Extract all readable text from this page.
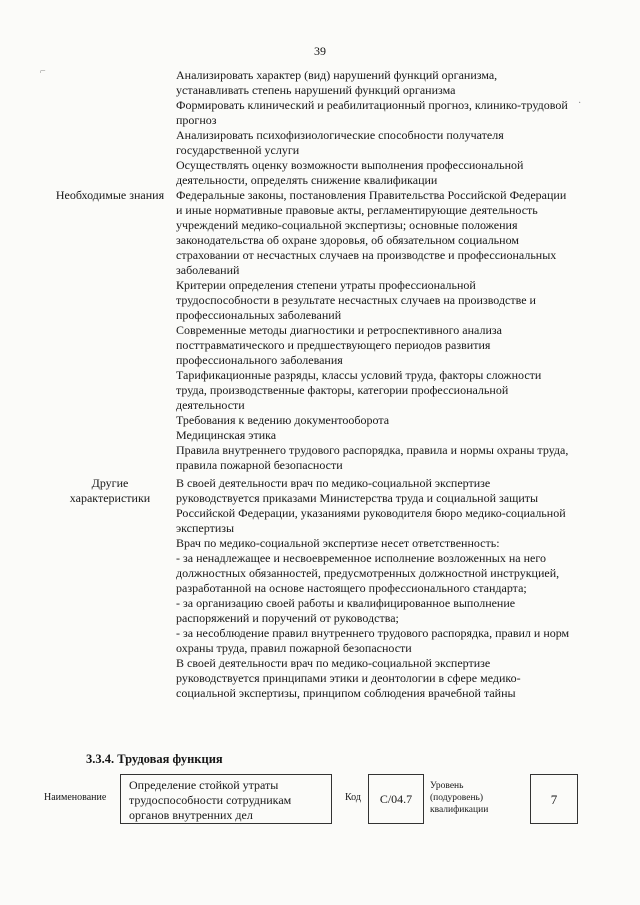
39
⌐
·

Анализировать характер (вид) нарушений функций организма, устанавливать степень нарушений функций организма

Формировать клинический и реабилитационный прогноз, клинико-трудовой прогноз

Анализировать психофизиологические способности получателя государственной услуги

Осуществлять оценку возможности выполнения профессиональной деятельности, определять снижение квалификации

Необходимые знания Федеральные законы, постановления Правительства Российской Федерации и иные нормативные правовые акты, регламентирующие деятельность учреждений медико-социальной экспертизы; основные положения законодательства об охране здоровья, об обязательном социальном страховании от несчастных случаев на производстве и профессиональных заболеваний

Критерии определения степени утраты профессиональной трудоспособности в результате несчастных случаев на производстве и профессиональных заболеваний

Современные методы диагностики и ретроспективного анализа посттравматического и предшествующего периодов развития профессионального заболевания

Тарификационные разряды, классы условий труда, факторы сложности труда, производственные факторы, категории профессиональной деятельности

Требования к ведению документооборота

Медицинская этика

Правила внутреннего трудового распорядка, правила и нормы охраны труда, правила пожарной безопасности

Другие характеристики

В своей деятельности врач по медико-социальной экспертизе руководствуется приказами Министерства труда и социальной защиты Российской Федерации, указаниями руководителя бюро медико-социальной экспертизы

Врач по медико-социальной экспертизе несет ответственность:

- за ненадлежащее и несвоевременное исполнение возложенных на него должностных обязанностей, предусмотренных должностной инструкцией, разработанной на основе настоящего профессионального стандарта;

- за организацию своей работы и квалифицированное выполнение распоряжений и поручений от руководства;

- за несоблюдение правил внутреннего трудового распорядка, правил и норм охраны труда, правил пожарной безопасности

В своей деятельности врач по медико-социальной экспертизе руководствуется принципами этики и деонтологии в сфере медико-социальной экспертизы, принципом соблюдения врачебной тайны

3.3.4. Трудовая функция
Наименование
Определение стойкой утраты трудоспособности сотрудникам органов внутренних дел
Код	С/04.7
Уровень (подуровень) квалификации
7
